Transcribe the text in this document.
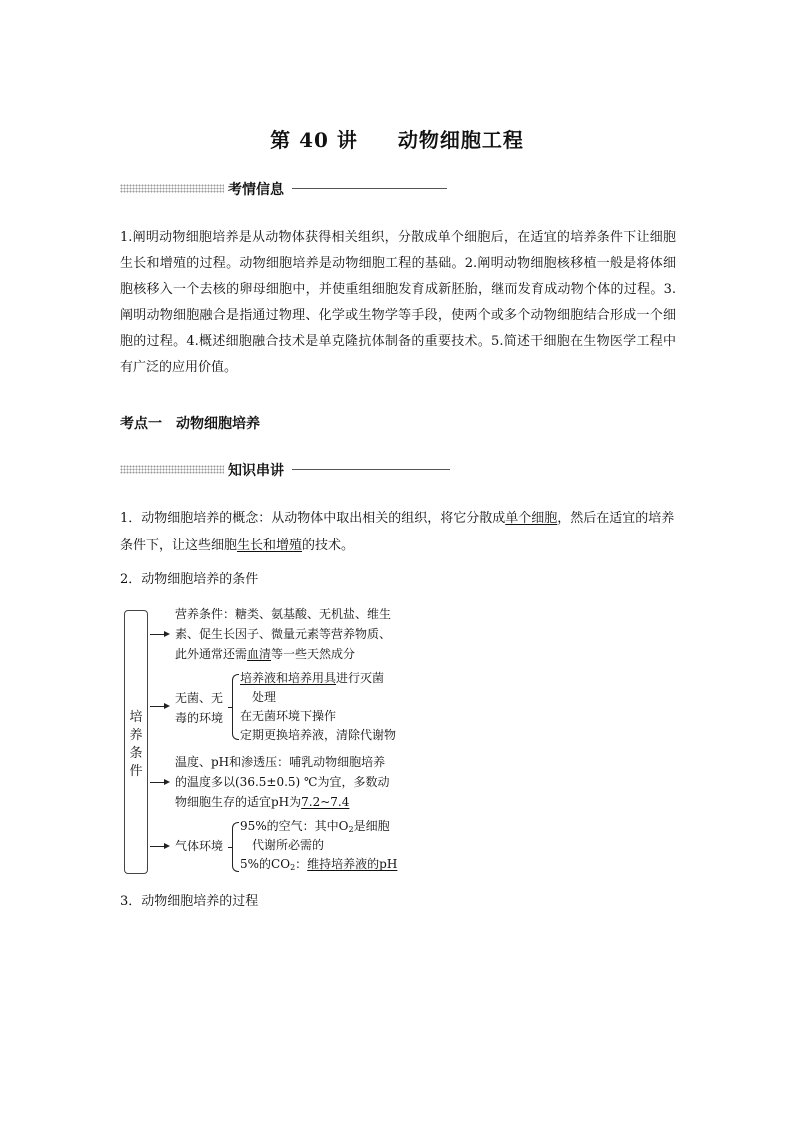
第 40 讲 动物细胞工程
考情信息
1.阐明动物细胞培养是从动物体获得相关组织，分散成单个细胞后，在适宜的培养条件下让细胞生长和增殖的过程。动物细胞培养是动物细胞工程的基础。2.阐明动物细胞核移植一般是将体细胞核移入一个去核的卵母细胞中，并使重组细胞发育成新胚胎，继而发育成动物个体的过程。3.阐明动物细胞融合是指通过物理、化学或生物学等手段，使两个或多个动物细胞结合形成一个细胞的过程。4.概述细胞融合技术是单克隆抗体制备的重要技术。5.简述干细胞在生物医学工程中有广泛的应用价值。
考点一 动物细胞培养
知识串讲
1．动物细胞培养的概念：从动物体中取出相关的组织，将它分散成单个细胞，然后在适宜的培养条件下，让这些细胞生长和增殖的技术。
2．动物细胞培养的条件
培
养
条
件
营养条件：糖类、氨基酸、无机盐、维生
素、促生长因子、微量元素等营养物质、
此外通常还需血清等一些天然成分
无菌、无
毒的环境
培养液和培养用具进行灭菌
处理
在无菌环境下操作
定期更换培养液，清除代谢物
温度、pH和渗透压：哺乳动物细胞培养
的温度多以(36.5±0.5) ℃为宜，多数动
物细胞生存的适宜pH为7.2~7.4
气体环境
95%的空气：其中$O_2$是细胞
代谢所必需的
5%的$CO_2$：维持培养液的pH
3．动物细胞培养的过程
